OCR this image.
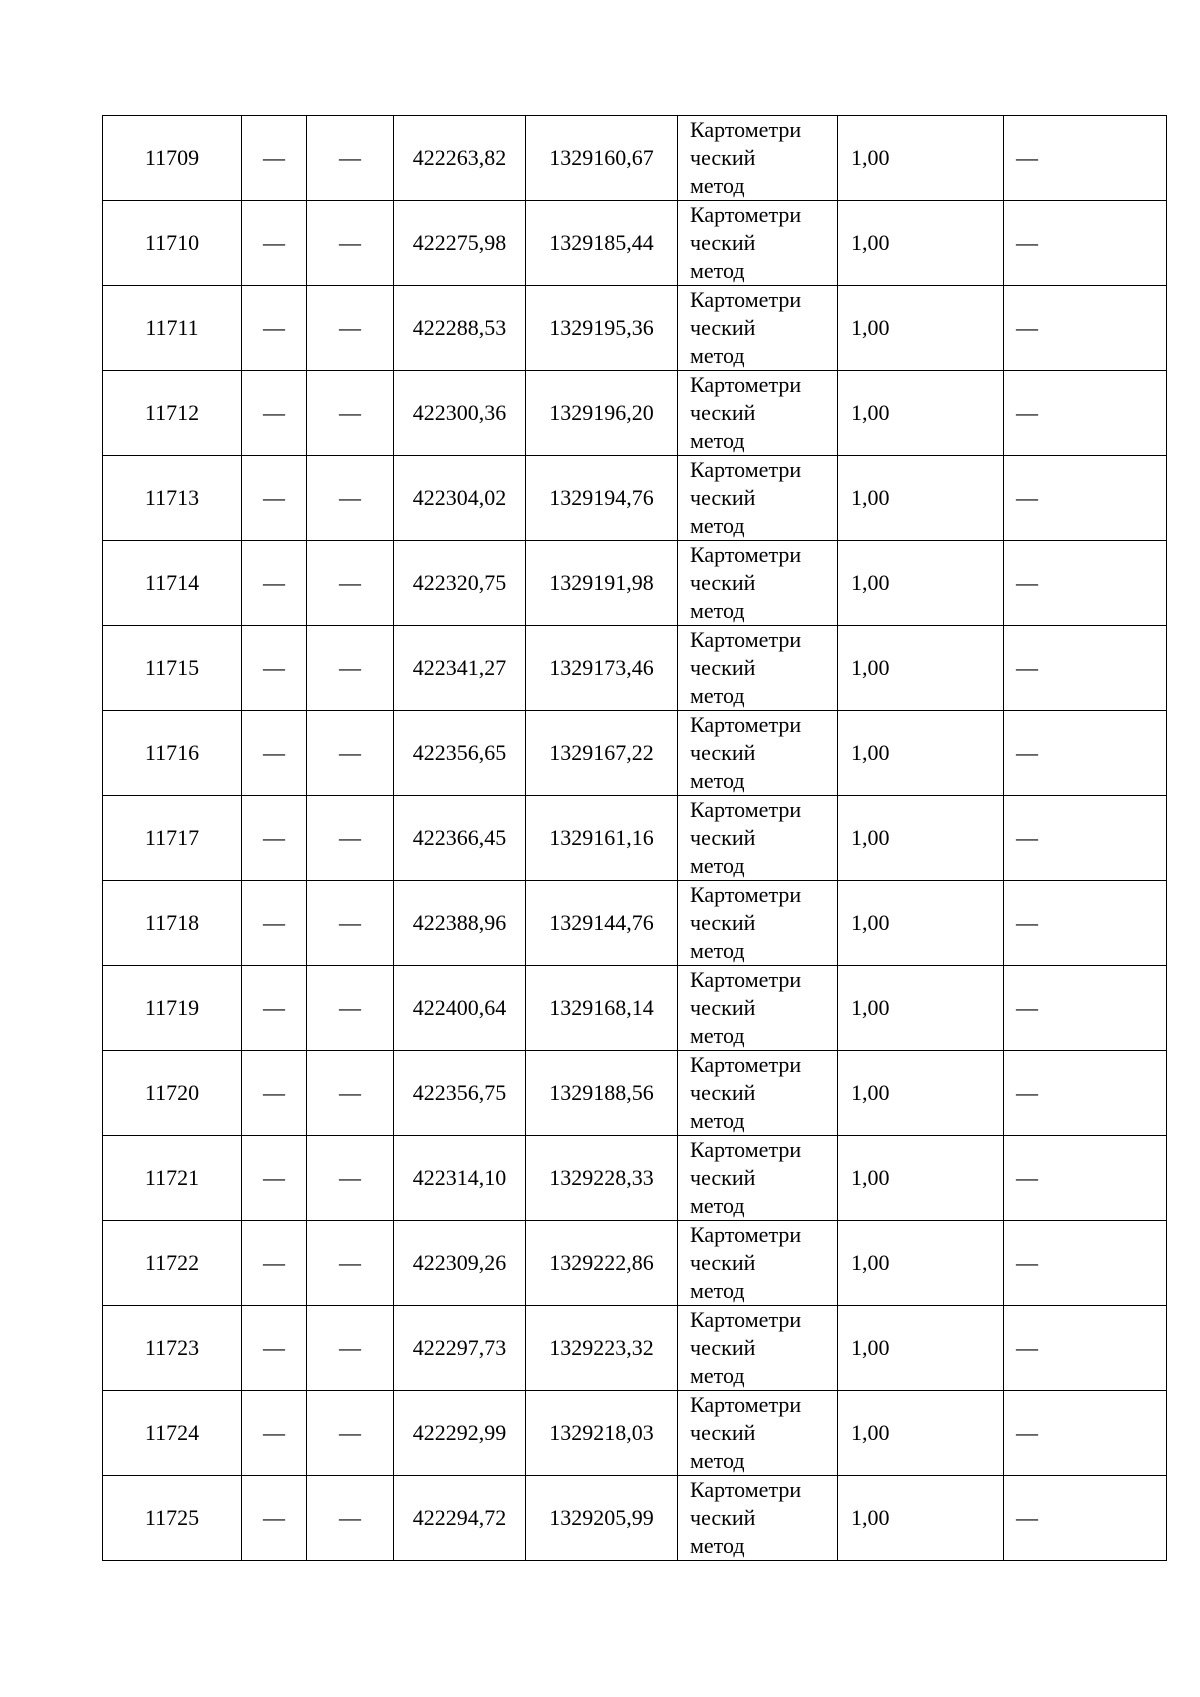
11709	—	—	422263,82	1329160,67	Картометри
ческий
метод	1,00	—
11710	—	—	422275,98	1329185,44	Картометри
ческий
метод	1,00	—
11711	—	—	422288,53	1329195,36	Картометри
ческий
метод	1,00	—
11712	—	—	422300,36	1329196,20	Картометри
ческий
метод	1,00	—
11713	—	—	422304,02	1329194,76	Картометри
ческий
метод	1,00	—
11714	—	—	422320,75	1329191,98	Картометри
ческий
метод	1,00	—
11715	—	—	422341,27	1329173,46	Картометри
ческий
метод	1,00	—
11716	—	—	422356,65	1329167,22	Картометри
ческий
метод	1,00	—
11717	—	—	422366,45	1329161,16	Картометри
ческий
метод	1,00	—
11718	—	—	422388,96	1329144,76	Картометри
ческий
метод	1,00	—
11719	—	—	422400,64	1329168,14	Картометри
ческий
метод	1,00	—
11720	—	—	422356,75	1329188,56	Картометри
ческий
метод	1,00	—
11721	—	—	422314,10	1329228,33	Картометри
ческий
метод	1,00	—
11722	—	—	422309,26	1329222,86	Картометри
ческий
метод	1,00	—
11723	—	—	422297,73	1329223,32	Картометри
ческий
метод	1,00	—
11724	—	—	422292,99	1329218,03	Картометри
ческий
метод	1,00	—
11725	—	—	422294,72	1329205,99	Картометри
ческий
метод	1,00	—
